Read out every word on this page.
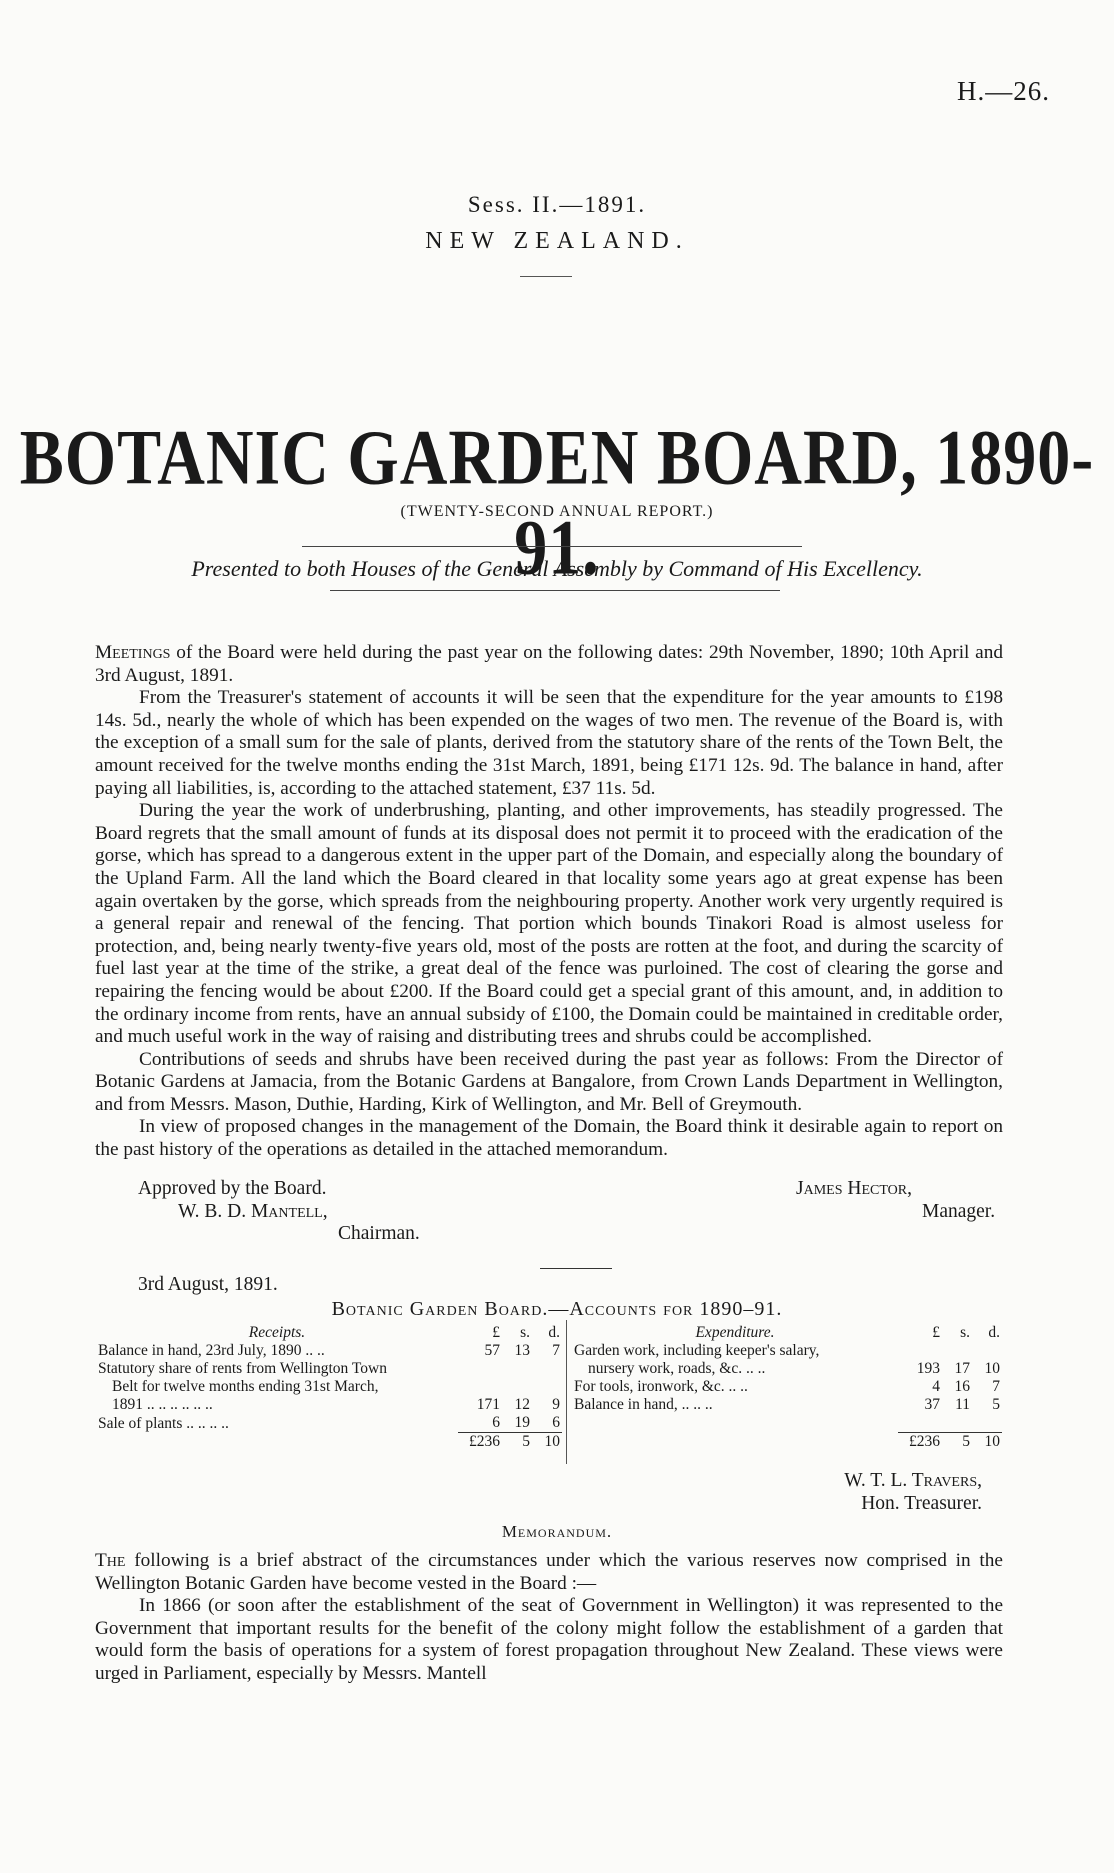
H.—26.
Sess. II.—1891.
NEW ZEALAND.
BOTANIC GARDEN BOARD, 1890-91.
(TWENTY-SECOND ANNUAL REPORT.)
Presented to both Houses of the General Assembly by Command of His Excellency.

Meetings of the Board were held during the past year on the following dates: 29th November, 1890; 10th April and 3rd August, 1891.

From the Treasurer's statement of accounts it will be seen that the expenditure for the year amounts to £198 14s. 5d., nearly the whole of which has been expended on the wages of two men. The revenue of the Board is, with the exception of a small sum for the sale of plants, derived from the statutory share of the rents of the Town Belt, the amount received for the twelve months ending the 31st March, 1891, being £171 12s. 9d. The balance in hand, after paying all liabilities, is, according to the attached statement, £37 11s. 5d.

During the year the work of underbrushing, planting, and other improvements, has steadily progressed. The Board regrets that the small amount of funds at its disposal does not permit it to proceed with the eradication of the gorse, which has spread to a dangerous extent in the upper part of the Domain, and especially along the boundary of the Upland Farm. All the land which the Board cleared in that locality some years ago at great expense has been again overtaken by the gorse, which spreads from the neighbouring property. Another work very urgently required is a general repair and renewal of the fencing. That portion which bounds Tinakori Road is almost useless for protection, and, being nearly twenty-five years old, most of the posts are rotten at the foot, and during the scarcity of fuel last year at the time of the strike, a great deal of the fence was purloined. The cost of clearing the gorse and repairing the fencing would be about £200. If the Board could get a special grant of this amount, and, in addition to the ordinary income from rents, have an annual subsidy of £100, the Domain could be maintained in creditable order, and much useful work in the way of raising and distributing trees and shrubs could be accomplished.

Contributions of seeds and shrubs have been received during the past year as follows: From the Director of Botanic Gardens at Jamacia, from the Botanic Gardens at Bangalore, from Crown Lands Department in Wellington, and from Messrs. Mason, Duthie, Harding, Kirk of Wellington, and Mr. Bell of Greymouth.

In view of proposed changes in the management of the Domain, the Board think it desirable again to report on the past history of the operations as detailed in the attached memorandum.

Approved by the Board.
W. B. D. Mantell,
Chairman.
James Hector,
Manager.
3rd August, 1891.
Botanic Garden Board.—Accounts for 1890–91.
Receipts.	£	s.	d.
Balance in hand, 23rd July, 1890 .. ..	57	13	7
Statutory share of rents from Wellington Town			
Belt for twelve months ending 31st March,			
1891 .. .. .. .. .. ..	171	12	9
Sale of plants .. .. .. ..	6	19	6
	£236	5	10
Expenditure.	£	s.	d.
Garden work, including keeper's salary,			
nursery work, roads, &c. .. ..	193	17	10
For tools, ironwork, &c. .. ..	4	16	7
Balance in hand, .. .. ..	37	11	5

	£236	5	10
W. T. L. Travers,
Hon. Treasurer.
Memorandum.

The following is a brief abstract of the circumstances under which the various reserves now comprised in the Wellington Botanic Garden have become vested in the Board :—

In 1866 (or soon after the establishment of the seat of Government in Wellington) it was represented to the Government that important results for the benefit of the colony might follow the establishment of a garden that would form the basis of operations for a system of forest propagation throughout New Zealand. These views were urged in Parliament, especially by Messrs. Mantell
